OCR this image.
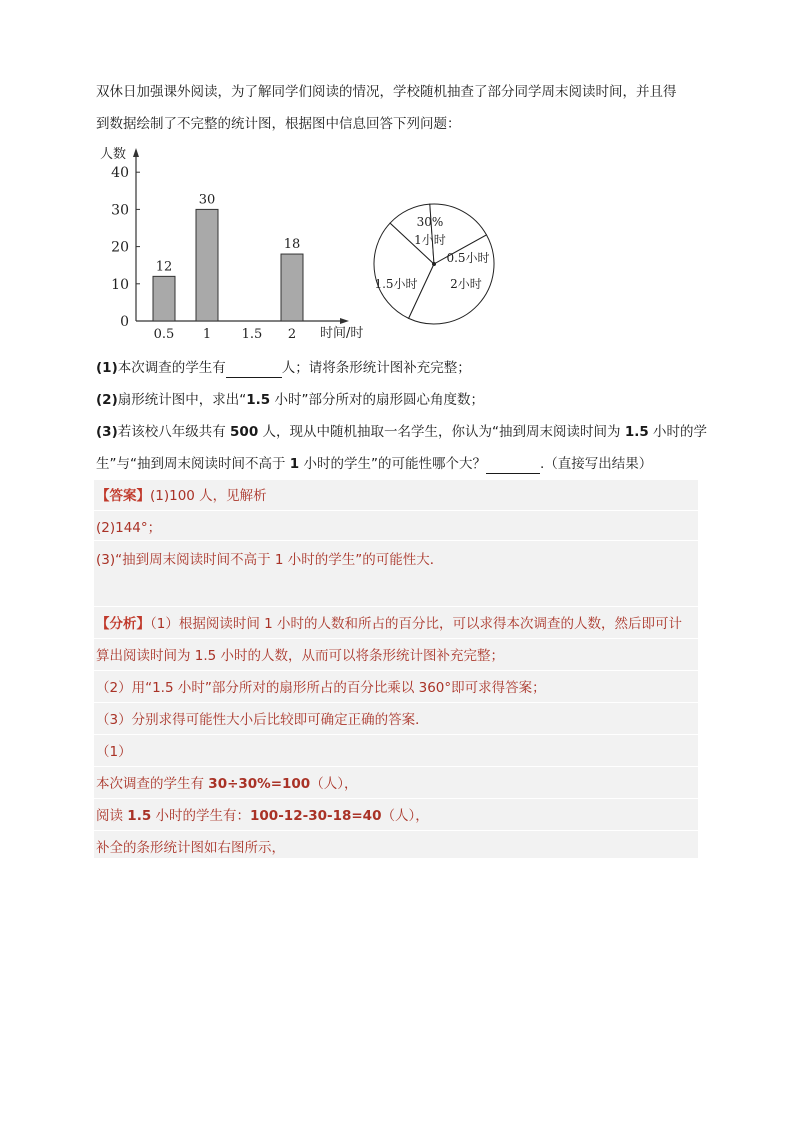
双休日加强课外阅读，为了解同学们阅读的情况，学校随机抽查了部分同学周末阅读时间，并且得
到数据绘制了不完整的统计图，根据图中信息回答下列问题：
0
10
20
30
40
人数
时间/时
0.5
12
1
30
1.5 2
18
30%
1小时
0.5小时
2小时
1.5小时
(1)本次调查的学生有	人；请将条形统计图补充完整；
(2)扇形统计图中，求出“1.5 小时”部分所对的扇形圆心角度数；
(3)若该校八年级共有 500 人，现从中随机抽取一名学生，你认为“抽到周末阅读时间为 1.5 小时的学
生”与“抽到周末阅读时间不高于 1 小时的学生”的可能性哪个大？	.（直接写出结果）
【答案】(1)100 人，见解析
(2)144°；
(3)“抽到周末阅读时间不高于 1 小时的学生”的可能性大．
【分析】（1）根据阅读时间 1 小时的人数和所占的百分比，可以求得本次调查的人数，然后即可计
算出阅读时间为 1.5 小时的人数，从而可以将条形统计图补充完整；
（2）用“1.5 小时”部分所对的扇形所占的百分比乘以 360°即可求得答案；
（3）分别求得可能性大小后比较即可确定正确的答案．
（1）
本次调查的学生有 30÷30%=100（人），
阅读 1.5 小时的学生有：100-12-30-18=40（人），
补全的条形统计图如右图所示，
